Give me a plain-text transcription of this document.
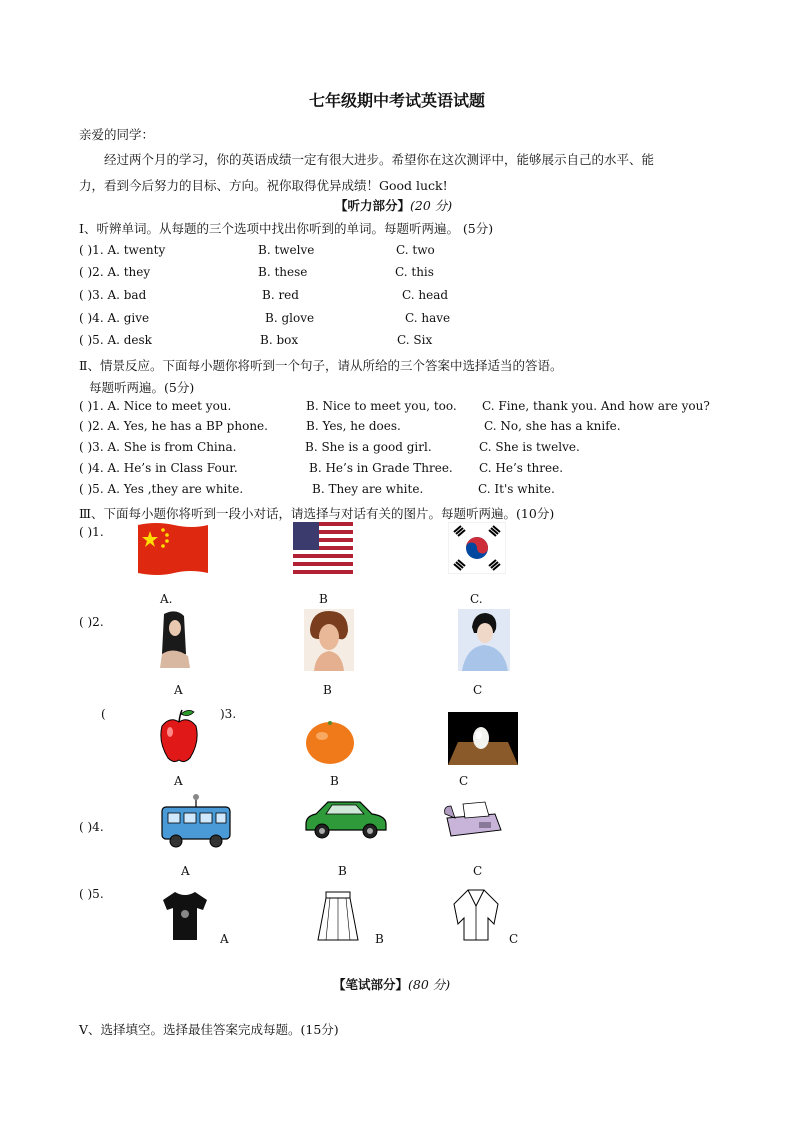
七年级期中考试英语试题
亲爱的同学：
经过两个月的学习，你的英语成绩一定有很大进步。希望你在这次测评中，能够展示自己的水平、能
力，看到今后努力的目标、方向。祝你取得优异成绩！Good luck!
【听力部分】(20 分)
Ⅰ、听辨单词。从每题的三个选项中找出你听到的单词。每题听两遍。 (5分)
( )1. A. twenty	B. twelve	C. two
( )2. A. they	B. these	C. this
( )3. A. bad	B. red	C. head
( )4. A. give	B. glove	C. have
( )5. A. desk	B. box	C. Six
Ⅱ、情景反应。下面每小题你将听到一个句子，请从所给的三个答案中选择适当的答语。
每题听两遍。(5分)
( )1. A. Nice to meet you.	B. Nice to meet you, too. C. Fine, thank you. And how are you?
( )2. A. Yes, he has a BP phone.	B. Yes, he does.	C. No, she has a knife.
( )3. A. She is from China.	B. She is a good girl.	C. She is twelve.
( )4. A. He’s in Class Four.	B. He’s in Grade Three. C. He’s three.
( )5. A. Yes ,they are white.	B. They are white.	C. It's white.
Ⅲ、下面每小题你将听到一段小对话，请选择与对话有关的图片。每题听两遍。(10分)
( )1.
A.	B	C.
( )2.
A	B	C
(	)3.
A	B	C
( )4.
A	B	C
( )5.
A	B	C
【笔试部分】(80 分)
Ⅴ、选择填空。选择最佳答案完成每题。(15分)
